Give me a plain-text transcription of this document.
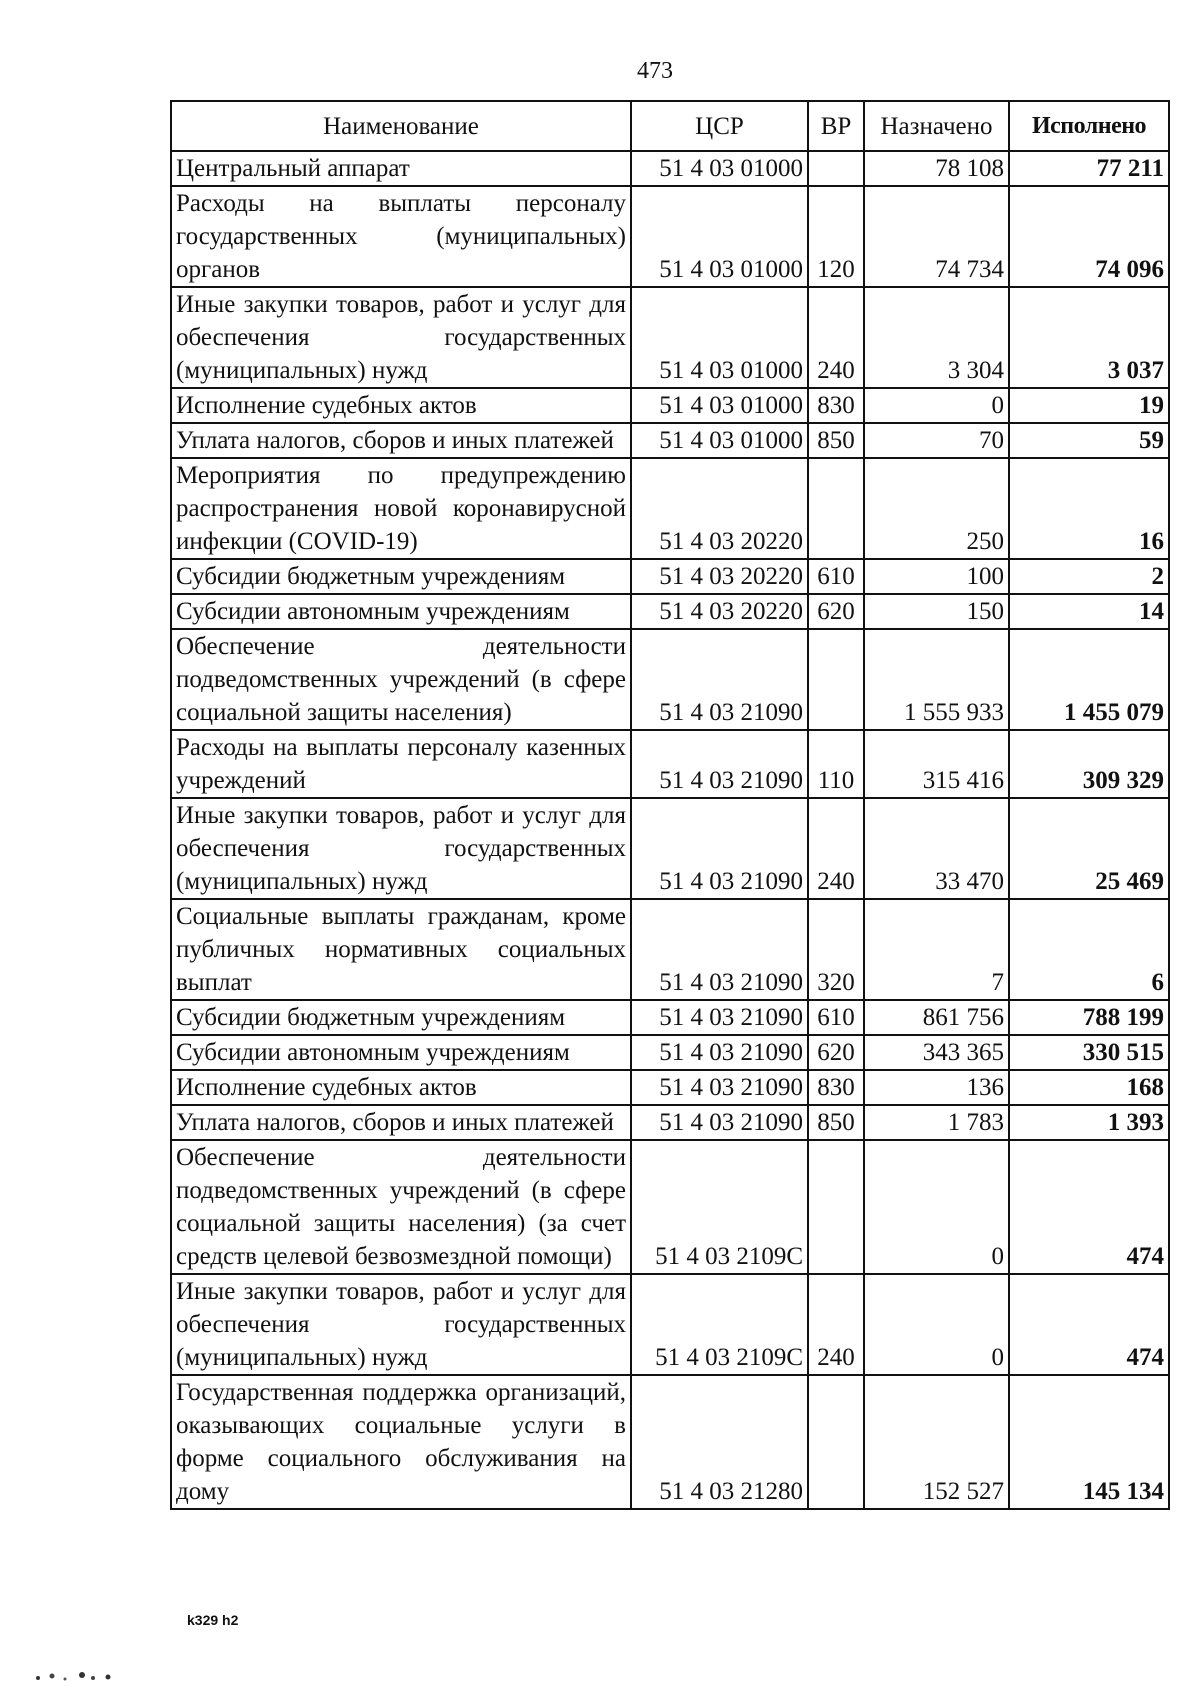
473
Наименование	ЦСР	ВР	Назначено	Исполнено
Центральный аппарат	51 4 03 01000		78 108	77 211
Расходы на выплаты персоналу государственных (муниципальных) органов	51 4 03 01000	120	74 734	74 096
Иные закупки товаров, работ и услуг для обеспечения государственных (муниципальных) нужд	51 4 03 01000	240	3 304	3 037
Исполнение судебных актов	51 4 03 01000	830	0	19
Уплата налогов, сборов и иных платежей	51 4 03 01000	850	70	59
Мероприятия по предупреждению распространения новой коронавирусной инфекции (COVID-19)	51 4 03 20220		250	16
Субсидии бюджетным учреждениям	51 4 03 20220	610	100	2
Субсидии автономным учреждениям	51 4 03 20220	620	150	14
Обеспечение деятельности подведомственных учреждений (в сфере социальной защиты населения)	51 4 03 21090		1 555 933	1 455 079
Расходы на выплаты персоналу казенных учреждений	51 4 03 21090	110	315 416	309 329
Иные закупки товаров, работ и услуг для обеспечения государственных (муниципальных) нужд	51 4 03 21090	240	33 470	25 469
Социальные выплаты гражданам, кроме публичных нормативных социальных выплат	51 4 03 21090	320	7	6
Субсидии бюджетным учреждениям	51 4 03 21090	610	861 756	788 199
Субсидии автономным учреждениям	51 4 03 21090	620	343 365	330 515
Исполнение судебных актов	51 4 03 21090	830	136	168
Уплата налогов, сборов и иных платежей	51 4 03 21090	850	1 783	1 393
Обеспечение деятельности подведомственных учреждений (в сфере социальной защиты населения) (за счет средств целевой безвозмездной помощи)	51 4 03 2109С		0	474
Иные закупки товаров, работ и услуг для обеспечения государственных (муниципальных) нужд	51 4 03 2109С	240	0	474
Государственная поддержка организаций, оказывающих социальные услуги в форме социального обслуживания на дому	51 4 03 21280		152 527	145 134
k329 h2
